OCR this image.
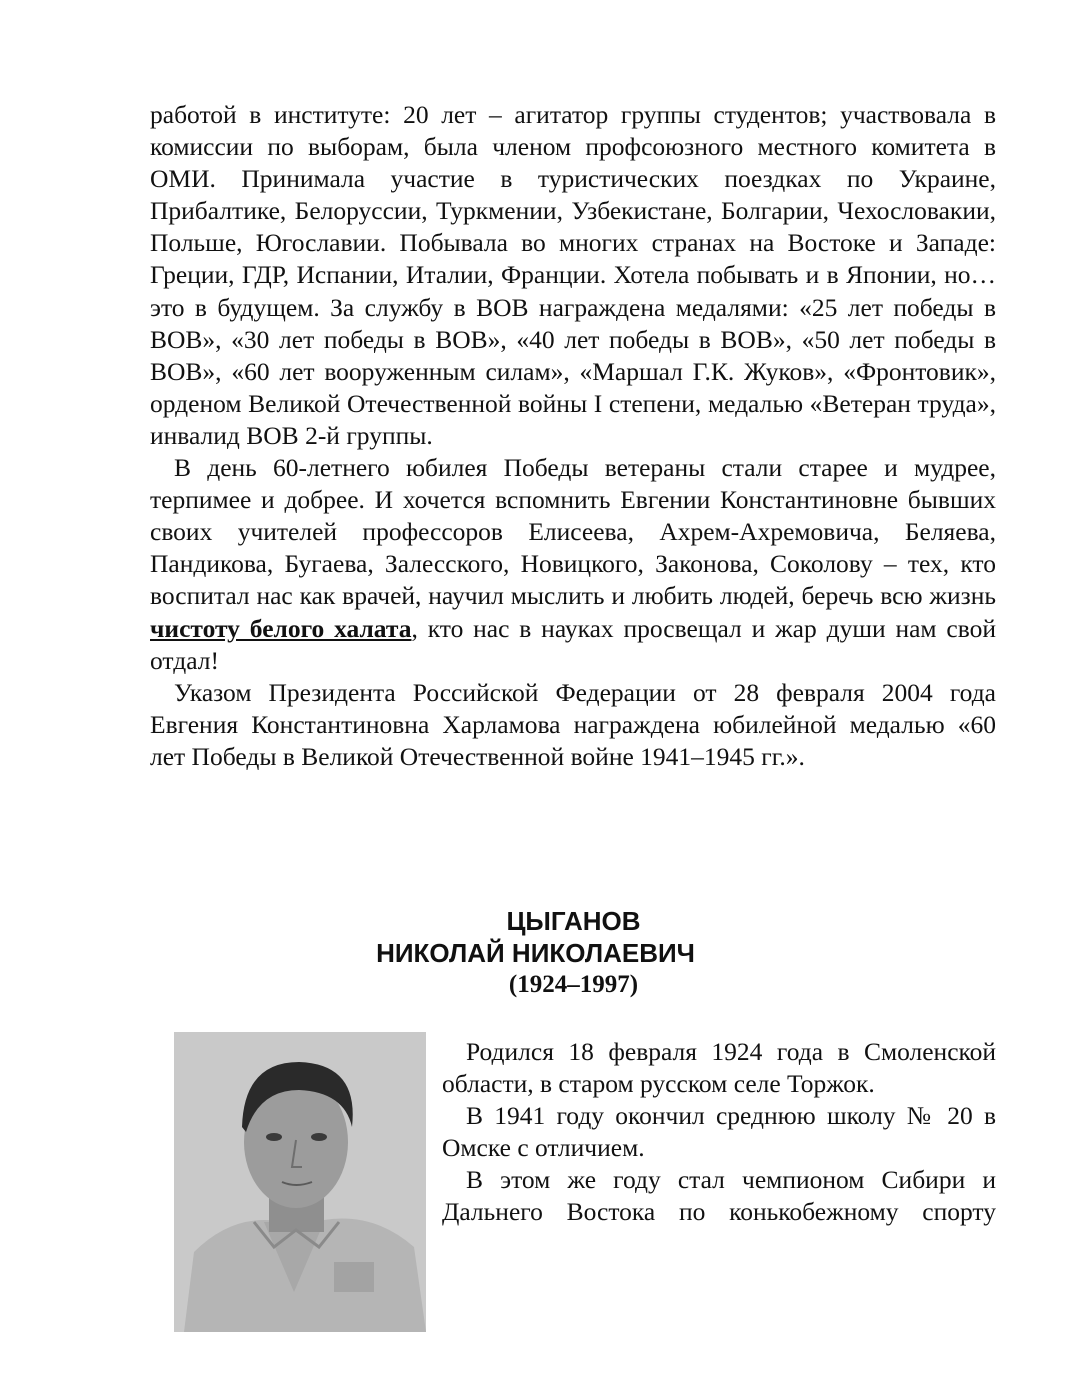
работой в институте: 20 лет – агитатор группы студентов; участвовала в комиссии по выборам, была членом профсоюзного местного комитета в ОМИ. Принимала участие в туристических поездках по Украине, Прибалтике, Белоруссии, Туркмении, Узбекистане, Болгарии, Чехословакии, Польше, Югославии. Побывала во многих странах на Востоке и Западе: Греции, ГДР, Испании, Италии, Франции. Хотела побывать и в Японии, но… это в будущем. За службу в ВОВ награждена медалями: «25 лет победы в ВОВ», «30 лет победы в ВОВ», «40 лет победы в ВОВ», «50 лет победы в ВОВ», «60 лет вооруженным силам», «Маршал Г.К. Жуков», «Фронтовик», орденом Великой Отечественной войны I степени, медалью «Ветеран труда», инвалид ВОВ 2-й группы.

В день 60-летнего юбилея Победы ветераны стали старее и мудрее, терпимее и добрее. И хочется вспомнить Евгении Константиновне бывших своих учителей профессоров Елисеева, Ахрем-Ахремовича, Беляева, Пандикова, Бугаева, Залесского, Новицкого, Законова, Соколову – тех, кто воспитал нас как врачей, научил мыслить и любить людей, беречь всю жизнь чистоту белого халата, кто нас в науках просвещал и жар души нам свой отдал!

Указом Президента Российской Федерации от 28 февраля 2004 года Евгения Константиновна Харламова награждена юбилейной медалью «60 лет Победы в Великой Отечественной войне 1941–1945 гг.».

ЦЫГАНОВ
НИКОЛАЙ НИКОЛАЕВИЧ
(1924–1997)

Родился 18 февраля 1924 года в Смоленской области, в старом русском селе Торжок.

В 1941 году окончил среднюю школу № 20 в Омске с отличием.

В этом же году стал чемпионом Сибири и Дальнего Востока по конькобежному спорту
